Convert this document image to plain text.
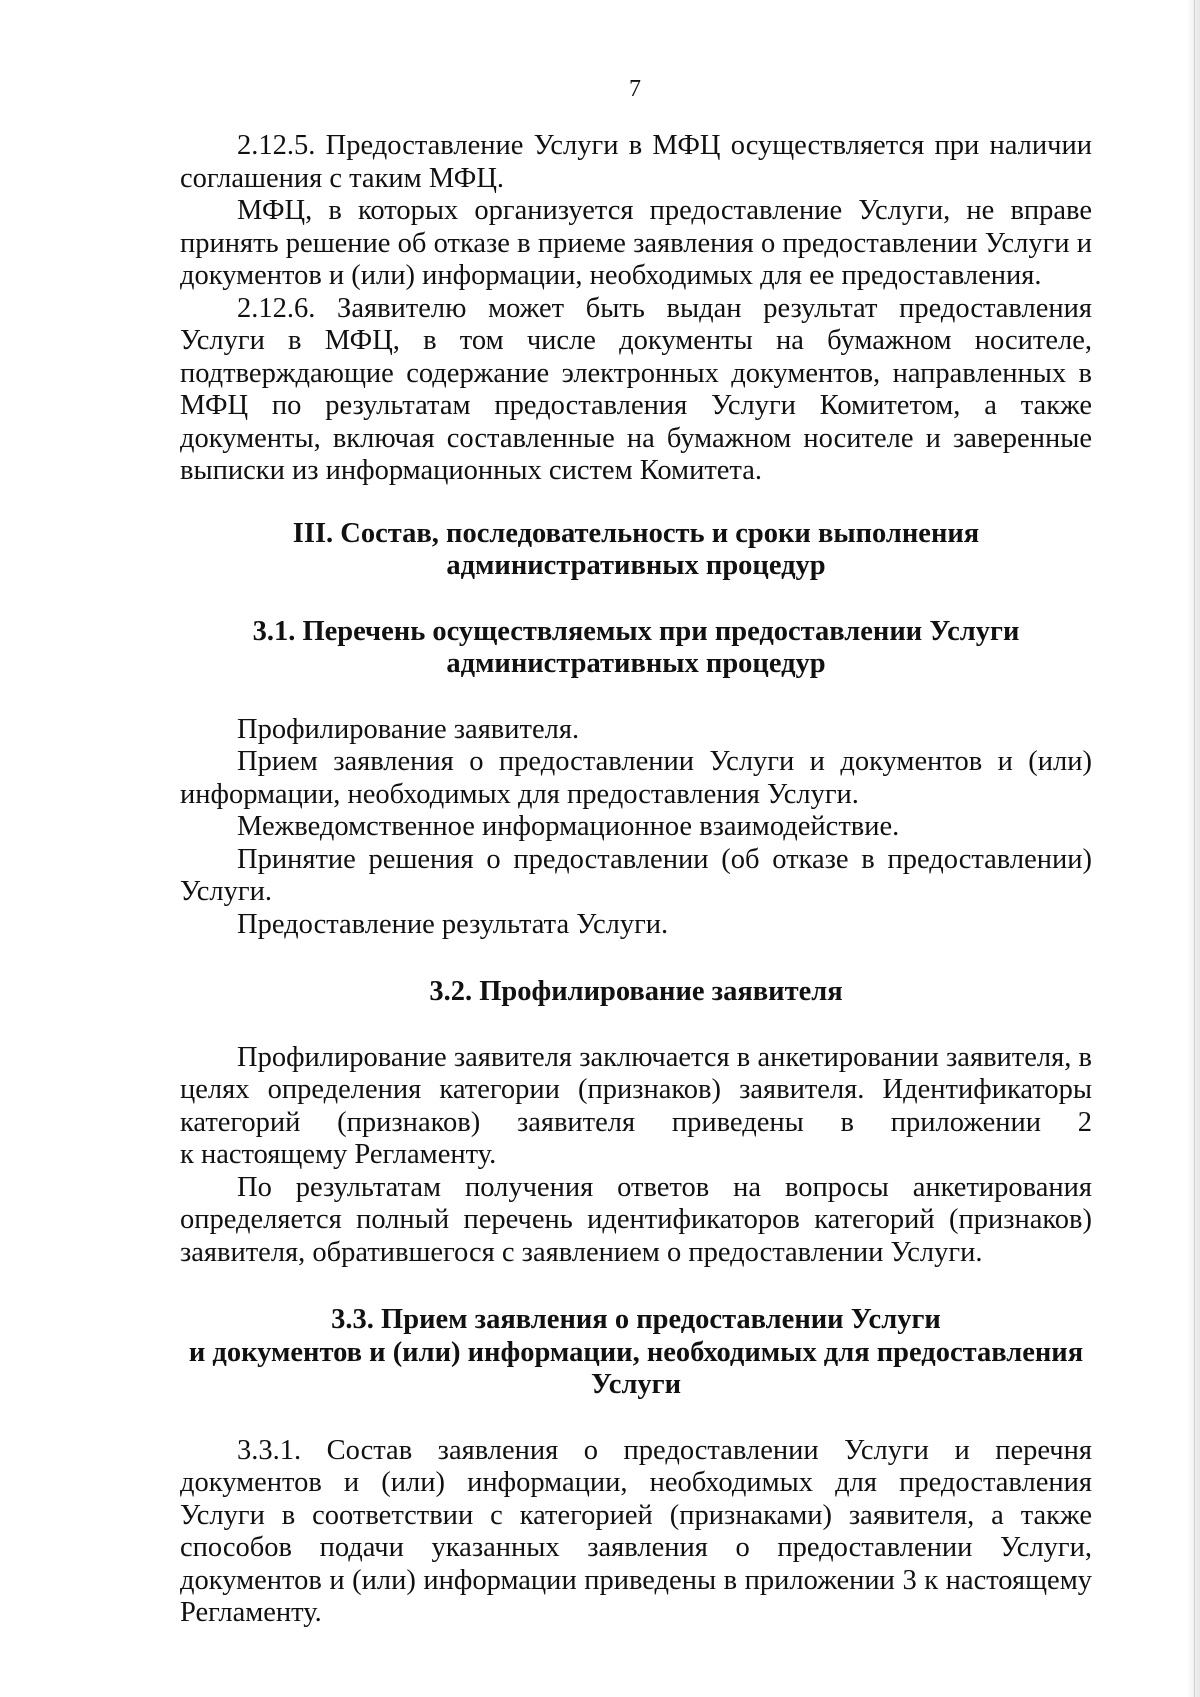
7

2.12.5. Предоставление Услуги в МФЦ осуществляется при наличии соглашения с таким МФЦ.

МФЦ, в которых организуется предоставление Услуги, не вправе принять решение об отказе в приеме заявления о предоставлении Услуги и документов и (или) информации, необходимых для ее предоставления.

2.12.6. Заявителю может быть выдан результат предоставления Услуги в МФЦ, в том числе документы на бумажном носителе, подтверждающие содержание электронных документов, направленных в МФЦ по результатам предоставления Услуги Комитетом, а также документы, включая составленные на бумажном носителе и заверенные выписки из информационных систем Комитета.

III. Состав, последовательность и сроки выполнения
административных процедур
3.1. Перечень осуществляемых при предоставлении Услуги
административных процедур

Профилирование заявителя.

Прием заявления о предоставлении Услуги и документов и (или) информации, необходимых для предоставления Услуги.

Межведомственное информационное взаимодействие.

Принятие решения о предоставлении (об отказе в предоставлении) Услуги.

Предоставление результата Услуги.

3.2. Профилирование заявителя

Профилирование заявителя заключается в анкетировании заявителя, в целях определения категории (признаков) заявителя. Идентификаторы категорий (признаков) заявителя приведены в приложении 2

к настоящему Регламенту.

По результатам получения ответов на вопросы анкетирования определяется полный перечень идентификаторов категорий (признаков) заявителя, обратившегося с заявлением о предоставлении Услуги.

3.3. Прием заявления о предоставлении Услуги
и документов и (или) информации, необходимых для предоставления
Услуги

3.3.1. Состав заявления о предоставлении Услуги и перечня документов и (или) информации, необходимых для предоставления Услуги в соответствии с категорией (признаками) заявителя, а также способов подачи указанных заявления о предоставлении Услуги, документов и (или) информации приведены в приложении 3 к настоящему Регламенту.
